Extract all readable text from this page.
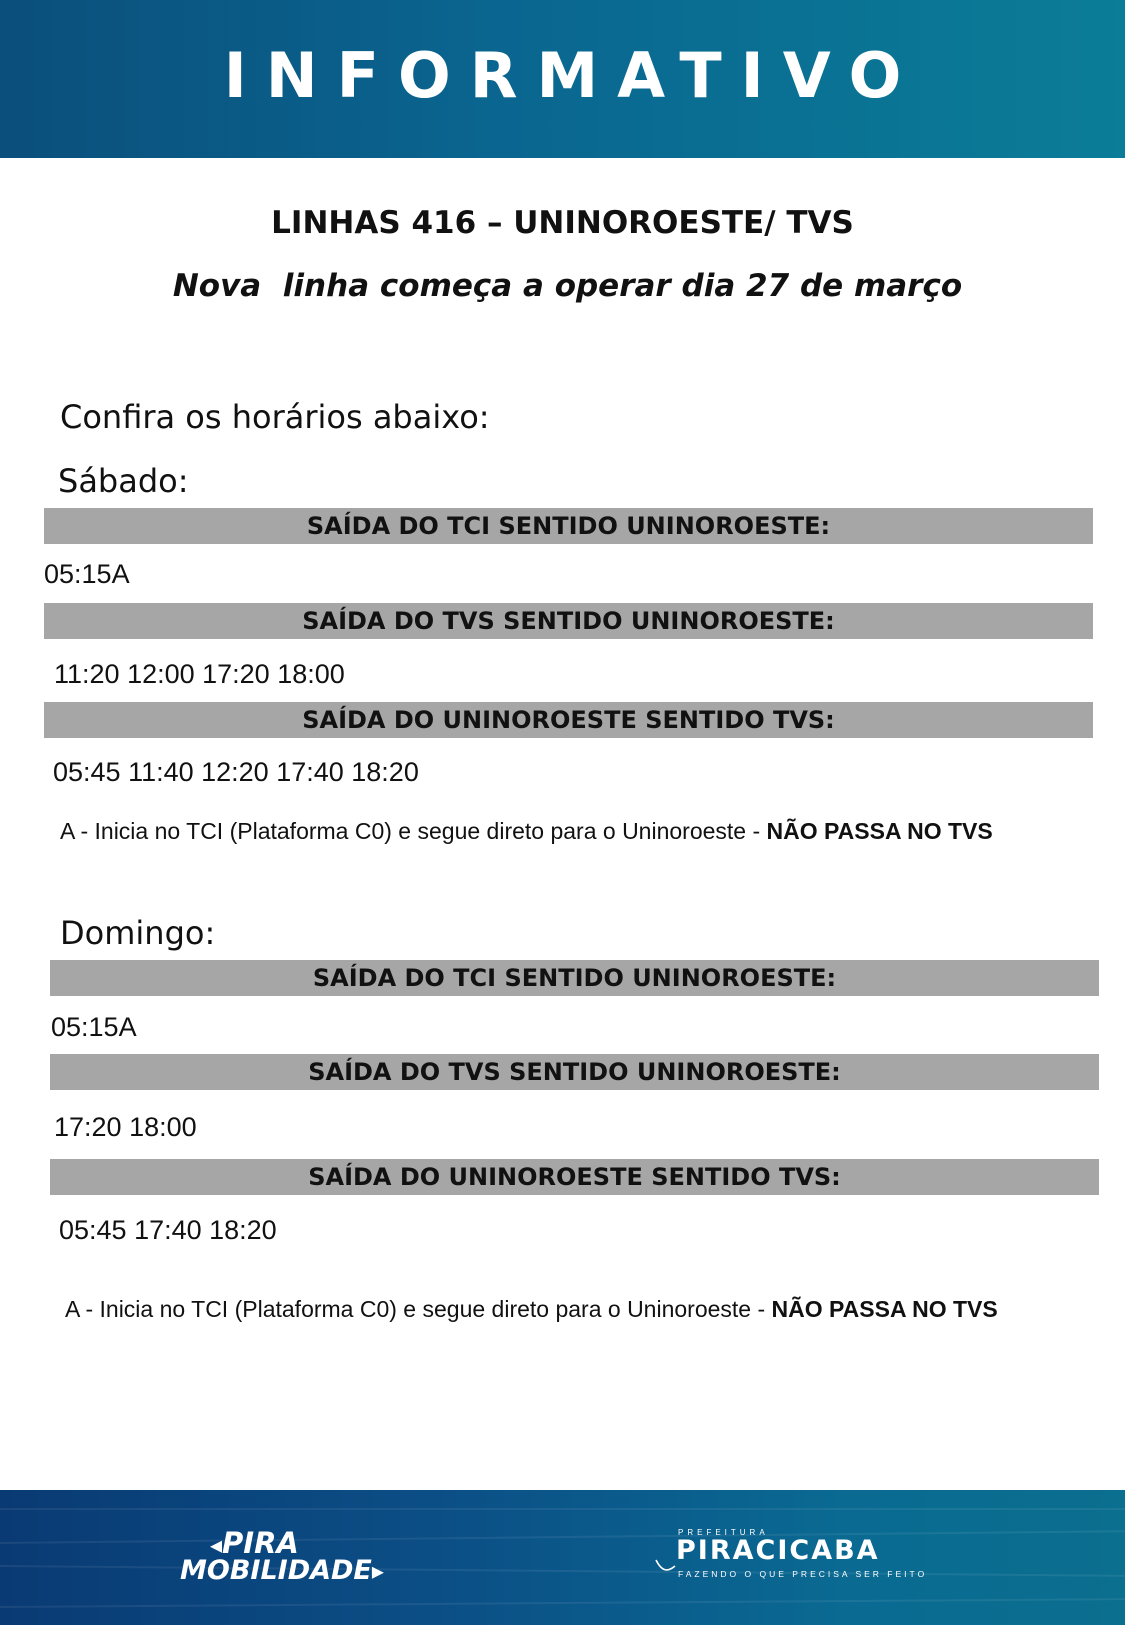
INFORMATIVO
LINHAS 416 – UNINOROESTE/ TVS
Nova  linha começa a operar dia 27 de março
Confira os horários abaixo:
Sábado:
SAÍDA DO TCI SENTIDO UNINOROESTE:
05:15A
SAÍDA DO TVS SENTIDO UNINOROESTE:
11:20 12:00 17:20 18:00
SAÍDA DO UNINOROESTE SENTIDO TVS:
05:45 11:40 12:20 17:40 18:20
A - Inicia no TCI (Plataforma C0) e segue direto para o Uninoroeste - NÃO PASSA NO TVS
Domingo:
SAÍDA DO TCI SENTIDO UNINOROESTE:
05:15A
SAÍDA DO TVS SENTIDO UNINOROESTE:
17:20 18:00
SAÍDA DO UNINOROESTE SENTIDO TVS:
05:45 17:40 18:20
A - Inicia no TCI (Plataforma C0) e segue direto para o Uninoroeste - NÃO PASSA NO TVS
◂PIRA
MOBILIDADE▸
PREFEITURA
PIRACICABA
FAZENDO O QUE PRECISA SER FEITO
